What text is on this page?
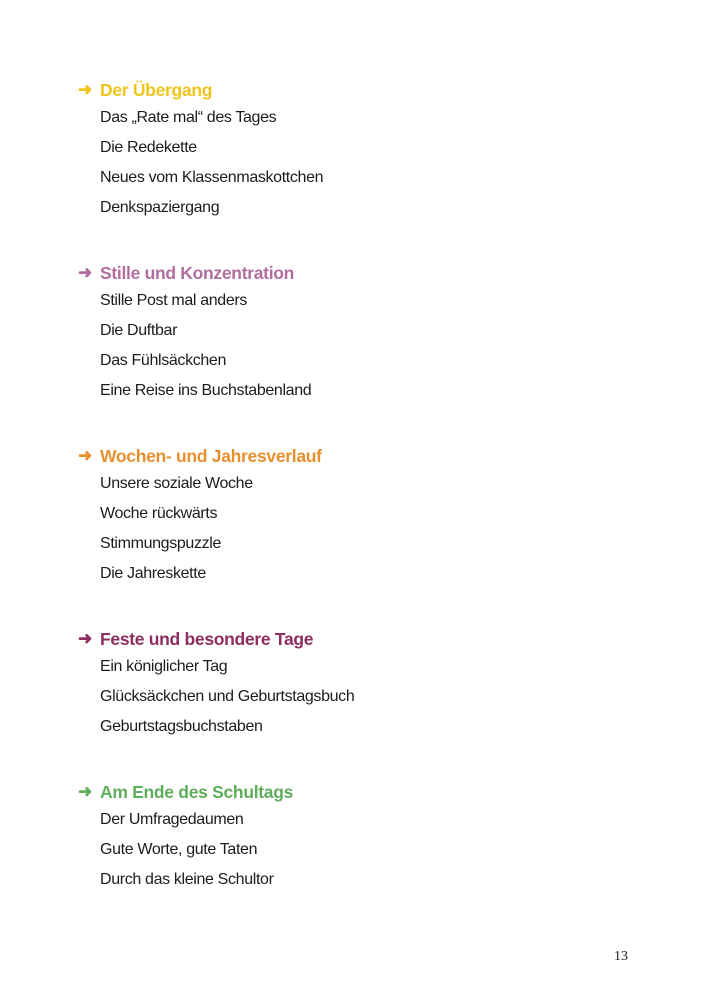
➜ Der Übergang
Das „Rate mal“ des Tages
Die Redekette
Neues vom Klassenmaskottchen
Denkspaziergang
➜ Stille und Konzentration
Stille Post mal anders
Die Duftbar
Das Fühlsäckchen
Eine Reise ins Buchstabenland
➜ Wochen- und Jahresverlauf
Unsere soziale Woche
Woche rückwärts
Stimmungspuzzle
Die Jahreskette
➜ Feste und besondere Tage
Ein königlicher Tag
Glücksäckchen und Geburtstagsbuch
Geburtstagsbuchstaben
➜ Am Ende des Schultags
Der Umfragedaumen
Gute Worte, gute Taten
Durch das kleine Schultor
13
